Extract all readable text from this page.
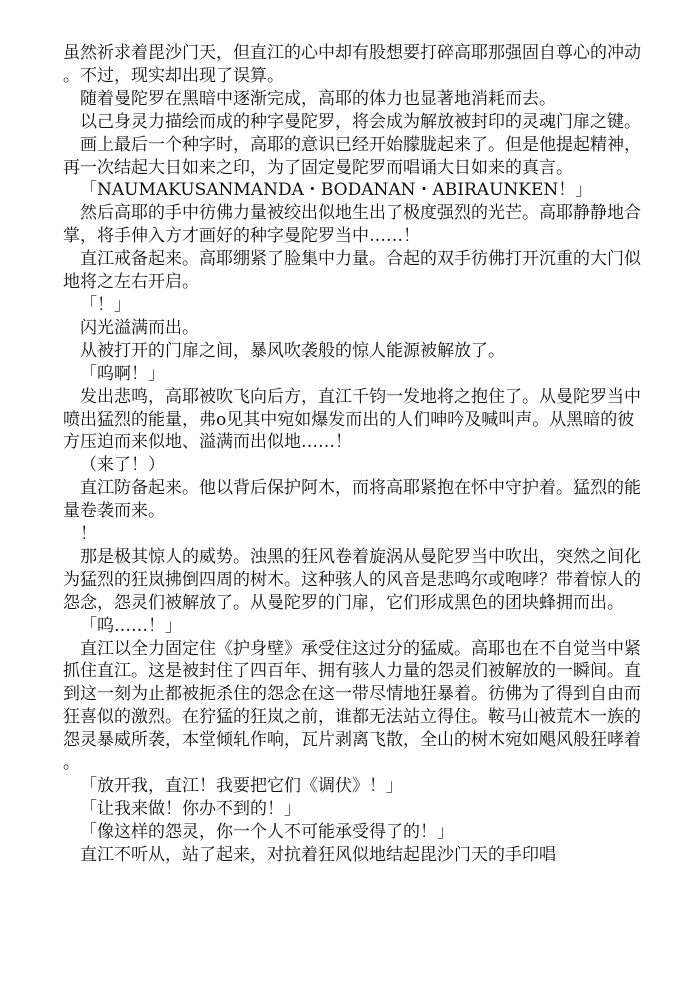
虽然祈求着毘沙门天，但直江的心中却有股想要打碎高耶那强固自尊心的冲动。不过，现实却出现了误算。

随着曼陀罗在黑暗中逐渐完成，高耶的体力也显著地消耗而去。

以己身灵力描绘而成的种字曼陀罗，将会成为解放被封印的灵魂门扉之键。

画上最后一个种字时，高耶的意识已经开始朦胧起来了。但是他提起精神，再一次结起大日如来之印，为了固定曼陀罗而唱诵大日如来的真言。

「NAUMAKUSANMANDA・BODANAN・ABIRAUNKEN！」

然后高耶的手中彷佛力量被绞出似地生出了极度强烈的光芒。高耶静静地合掌，将手伸入方才画好的种字曼陀罗当中……！

直江戒备起来。高耶绷紧了脸集中力量。合起的双手彷佛打开沉重的大门似地将之左右开启。

「！」

闪光溢满而出。

从被打开的门扉之间，暴风吹袭般的惊人能源被解放了。

「呜啊！」

发出悲鸣，高耶被吹飞向后方，直江千钧一发地将之抱住了。从曼陀罗当中喷出猛烈的能量，弗o见其中宛如爆发而出的人们呻吟及喊叫声。从黑暗的彼方压迫而来似地、溢满而出似地……！

（来了！）

直江防备起来。他以背后保护阿木，而将高耶紧抱在怀中守护着。猛烈的能量卷袭而来。

！

那是极其惊人的威势。浊黑的狂风卷着旋涡从曼陀罗当中吹出，突然之间化为猛烈的狂岚拂倒四周的树木。这种骇人的风音是悲鸣尔或咆哮？带着惊人的怨念，怨灵们被解放了。从曼陀罗的门扉，它们形成黑色的团块蜂拥而出。

「呜……！」

直江以全力固定住《护身壁》承受住这过分的猛威。高耶也在不自觉当中紧抓住直江。这是被封住了四百年、拥有骇人力量的怨灵们被解放的一瞬间。直到这一刻为止都被扼杀住的怨念在这一带尽情地狂暴着。彷佛为了得到自由而狂喜似的激烈。在狞猛的狂岚之前，谁都无法站立得住。鞍马山被荒木一族的怨灵暴威所袭，本堂倾轧作响，瓦片剥离飞散，全山的树木宛如飓风般狂哮着。

「放开我，直江！我要把它们《调伏》！」

「让我来做！你办不到的！」

「像这样的怨灵，你一个人不可能承受得了的！」

直江不听从，站了起来，对抗着狂风似地结起毘沙门天的手印唱
